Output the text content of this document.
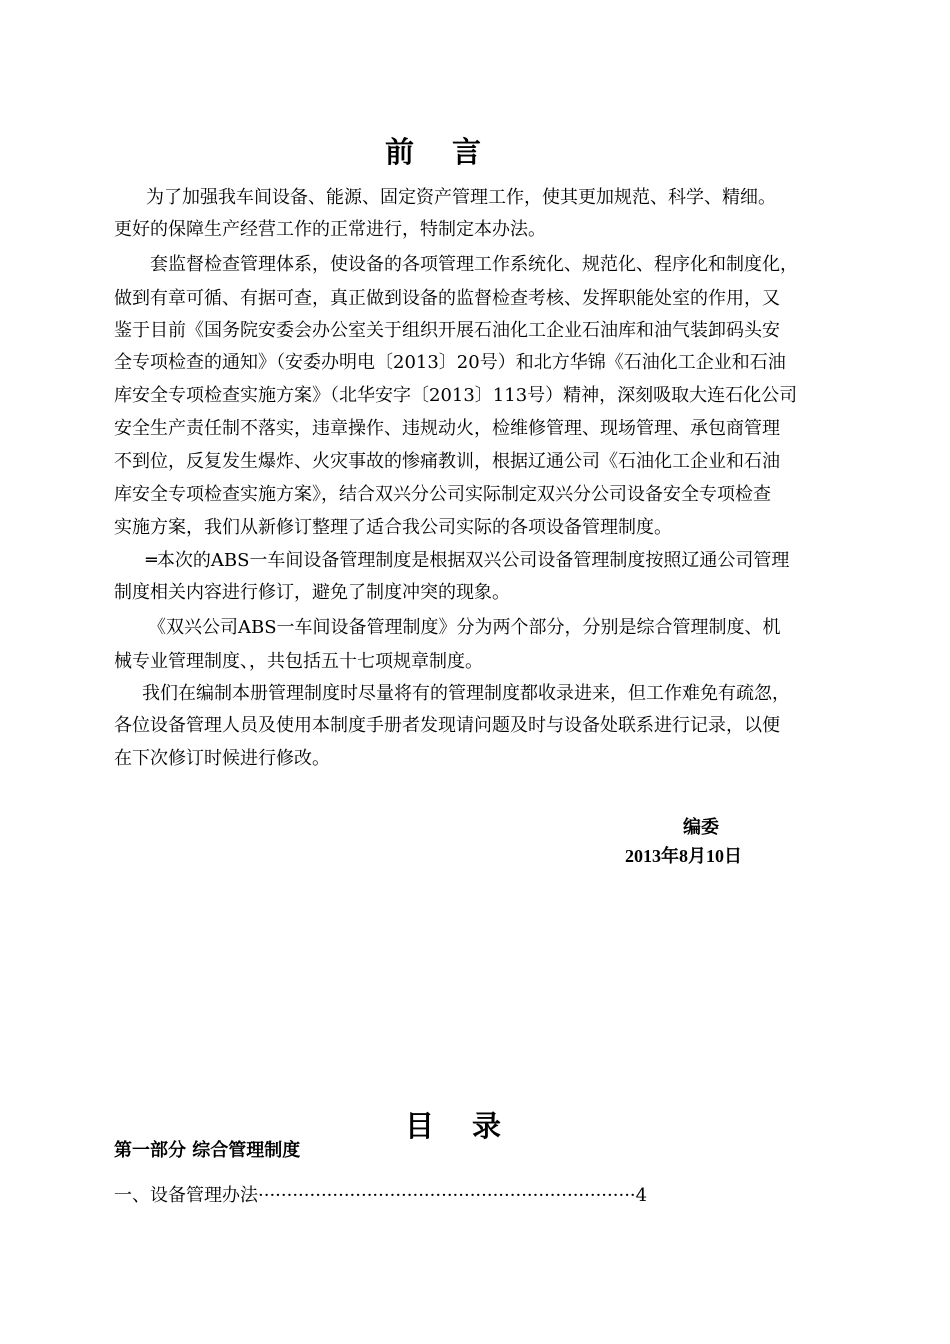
前 言
为了加强我车间设备、能源、固定资产管理工作，使其更加规范、科学、精细。
更好的保障生产经营工作的正常进行，特制定本办法。
套监督检查管理体系，使设备的各项管理工作系统化、规范化、程序化和制度化，
做到有章可循、有据可查，真正做到设备的监督检查考核、发挥职能处室的作用，又
鉴于目前《国务院安委会办公室关于组织开展石油化工企业石油库和油气装卸码头安
全专项检查的通知》（安委办明电〔2013〕20号）和北方华锦《石油化工企业和石油
库安全专项检查实施方案》（北华安字〔2013〕113号）精神，深刻吸取大连石化公司
安全生产责任制不落实，违章操作、违规动火，检维修管理、现场管理、承包商管理
不到位，反复发生爆炸、火灾事故的惨痛教训，根据辽通公司《石油化工企业和石油
库安全专项检查实施方案》，结合双兴分公司实际制定双兴分公司设备安全专项检查
实施方案，我们从新修订整理了适合我公司实际的各项设备管理制度。
═本次的ABS一车间设备管理制度是根据双兴公司设备管理制度按照辽通公司管理
制度相关内容进行修订，避免了制度冲突的现象。
《双兴公司ABS一车间设备管理制度》分为两个部分，分别是综合管理制度、机
械专业管理制度、，共包括五十七项规章制度。
我们在编制本册管理制度时尽量将有的管理制度都收录进来，但工作难免有疏忽，
各位设备管理人员及使用本制度手册者发现请问题及时与设备处联系进行记录，以便
在下次修订时候进行修改。
编委
2013年8月10日
目 录
第一部分 综合管理制度
一、设备管理办法··································································4
